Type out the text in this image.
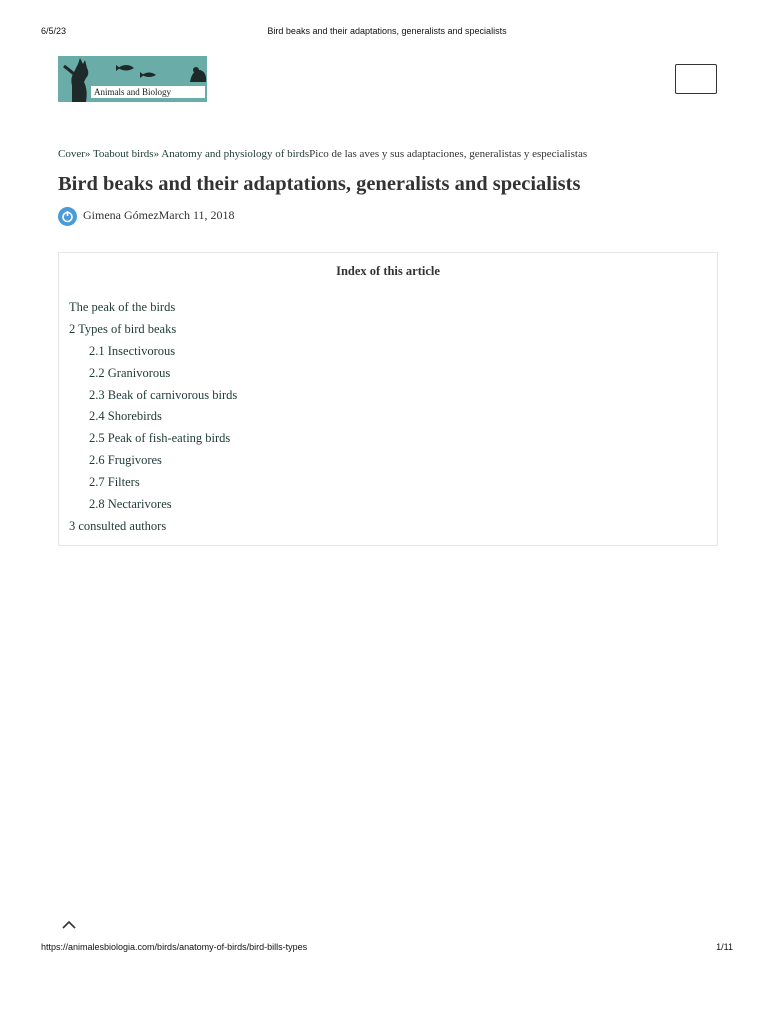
6/5/23	Bird beaks and their adaptations, generalists and specialists
Animals and Biology
Cover» Toabout birds» Anatomy and physiology of birdsPico de las aves y sus adaptaciones, generalistas y especialistas
Bird beaks and their adaptations, generalists and specialists
Gimena GómezMarch 11, 2018
Index of this article
The peak of the birds
2 Types of bird beaks
2.1 Insectivorous
2.2 Granivorous
2.3 Beak of carnivorous birds
2.4 Shorebirds
2.5 Peak of fish-eating birds
2.6 Frugivores
2.7 Filters
2.8 Nectarivores
3 consulted authors
https://animalesbiologia.com/birds/anatomy-of-birds/bird-bills-types	1/11
